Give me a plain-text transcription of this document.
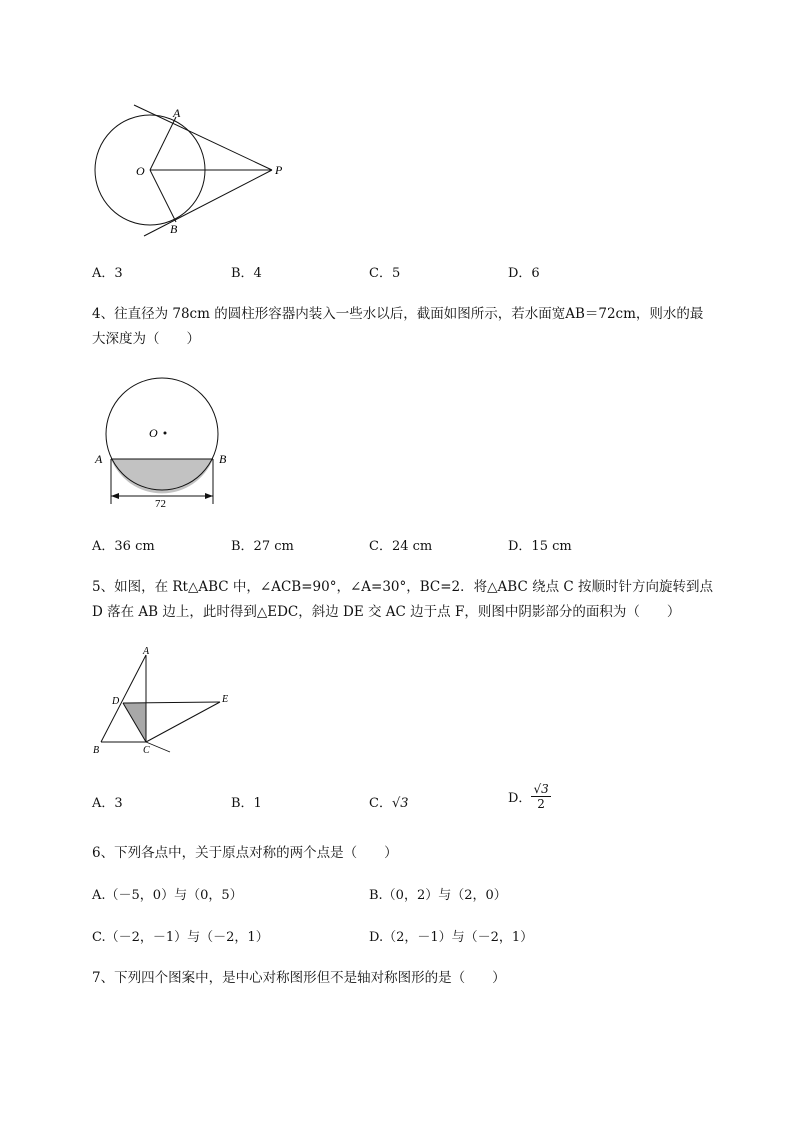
A
B
O	P
A．3	B．4	C．5	D．6
4、往直径为 78cm 的圆柱形容器内装入一些水以后，截面如图所示，若水面宽AB＝72cm，则水的最
大深度为（　　）
O
A	B
72
A．36 cm	B．27 cm	C．24 cm	D．15 cm
5、如图，在 Rt△ABC 中，∠ACB=90°，∠A=30°，BC=2．将△ABC 绕点 C 按顺时针方向旋转到点
D 落在 AB 边上，此时得到△EDC，斜边 DE 交 AC 边于点 F，则图中阴影部分的面积为（　　）
A
B	C
D	E
A．3	B．1	C．√3	D． $\frac{√3}{2}$
6、下列各点中，关于原点对称的两个点是（　　）
A.（－5，0）与（0，5）	B.（0，2）与（2，0）
C.（－2，－1）与（－2，1）	D.（2，－1）与（－2，1）
7、下列四个图案中，是中心对称图形但不是轴对称图形的是（　　）
